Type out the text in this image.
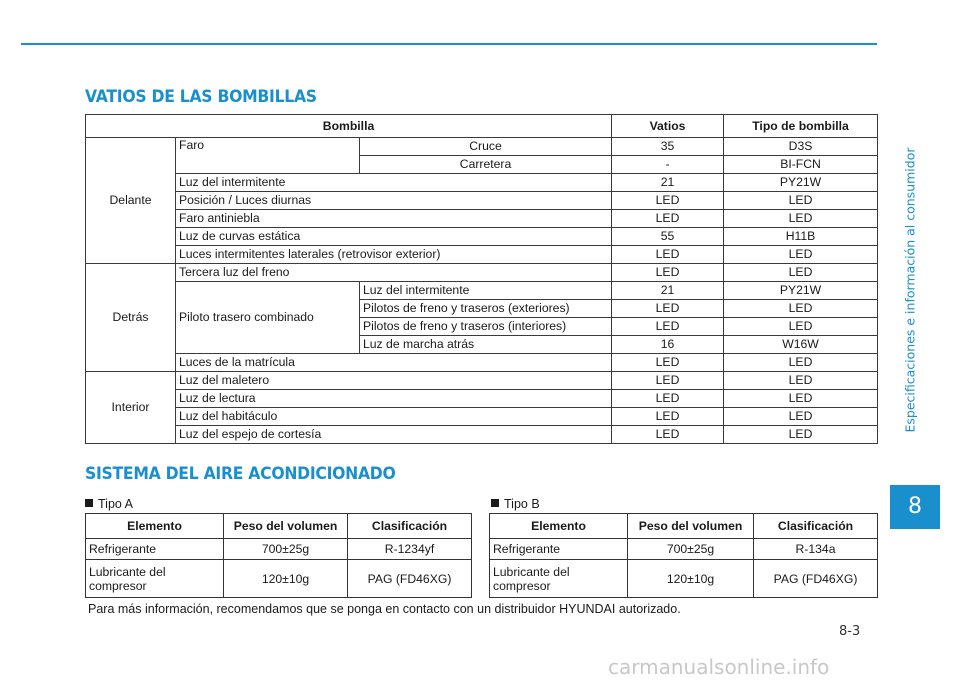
VATIOS DE LAS BOMBILLAS
Bombilla			Vatios	Tipo de bombilla
Delante	Faro	Cruce	35	D3S
		Carretera	-	BI-FCN
	Luz del intermitente		21	PY21W
	Posición / Luces diurnas		LED	LED
	Faro antiniebla		LED	LED
	Luz de curvas estática		55	H11B
	Luces intermitentes laterales (retrovisor exterior)		LED	LED

Detrás	Tercera luz del freno		LED	LED
	Piloto trasero combinado	Luz del intermitente	21	PY21W
		Pilotos de freno y traseros (exteriores)	LED	LED
		Pilotos de freno y traseros (interiores)	LED	LED
		Luz de marcha atrás	16	W16W
	Luces de la matrícula		LED	LED
Interior	Luz del maletero		LED	LED
	Luz de lectura		LED	LED
	Luz del habitáculo		LED	LED
	Luz del espejo de cortesía		LED	LED
SISTEMA DEL AIRE ACONDICIONADO
Tipo A	Tipo B
Elemento	Peso del volumen	Clasificación
Refrigerante	700±25g	R-1234yf
Lubricante del compresor	120±10g	PAG (FD46XG)
Elemento	Peso del volumen	Clasificación
Refrigerante	700±25g	R-134a
Lubricante del compresor	120±10g	PAG (FD46XG)
Para más información, recomendamos que se ponga en contacto con un distribuidor HYUNDAI autorizado.
8-3
Especificaciones e información al consumidor
8
carmanualsonline.info
